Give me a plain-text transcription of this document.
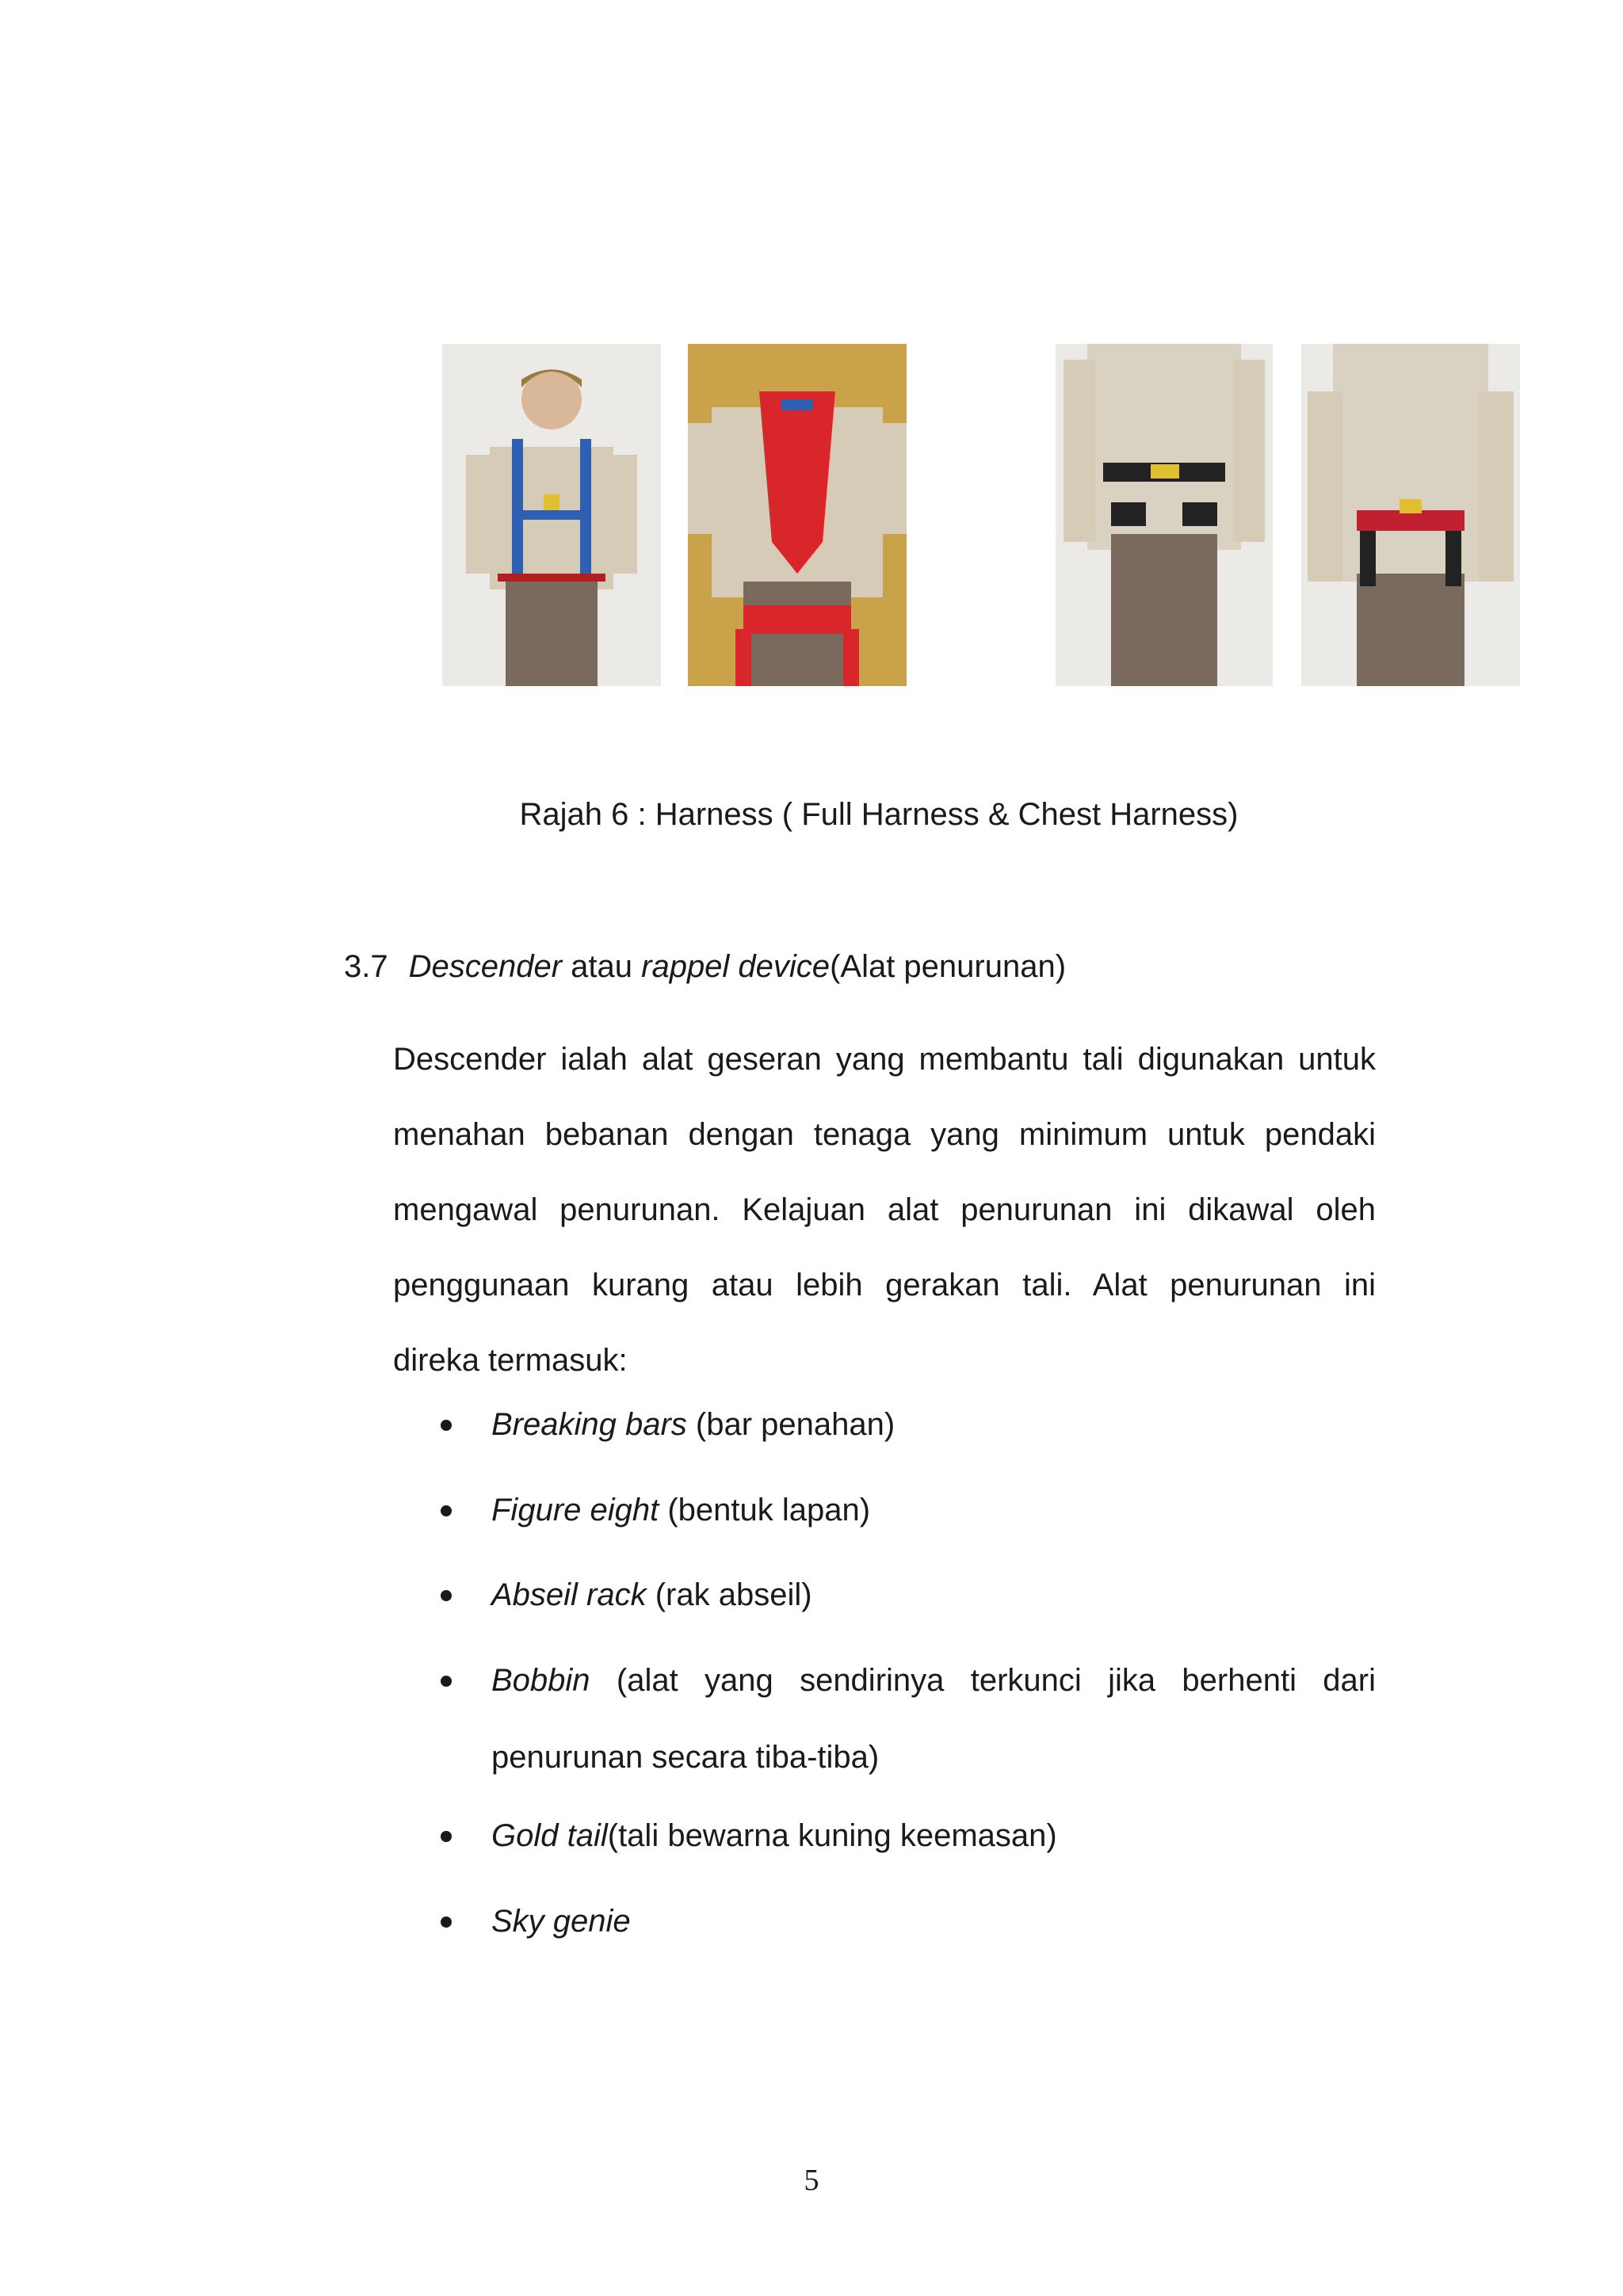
Rajah 6 : Harness ( Full Harness & Chest Harness)
3.7 Descender atau rappel device(Alat penurunan)
Descender ialah alat geseran yang membantu tali digunakan untuk
menahan bebanan dengan tenaga yang minimum untuk pendaki
mengawal penurunan. Kelajuan alat penurunan ini dikawal oleh
penggunaan kurang atau lebih gerakan tali. Alat penurunan ini
direka termasuk:
Breaking bars (bar penahan)
Figure eight (bentuk lapan)
Abseil rack (rak abseil)
Bobbin (alat yang sendirinya terkunci jika berhenti dari
penurunan secara tiba-tiba)
Gold tail(tali bewarna kuning keemasan)
Sky genie
5
